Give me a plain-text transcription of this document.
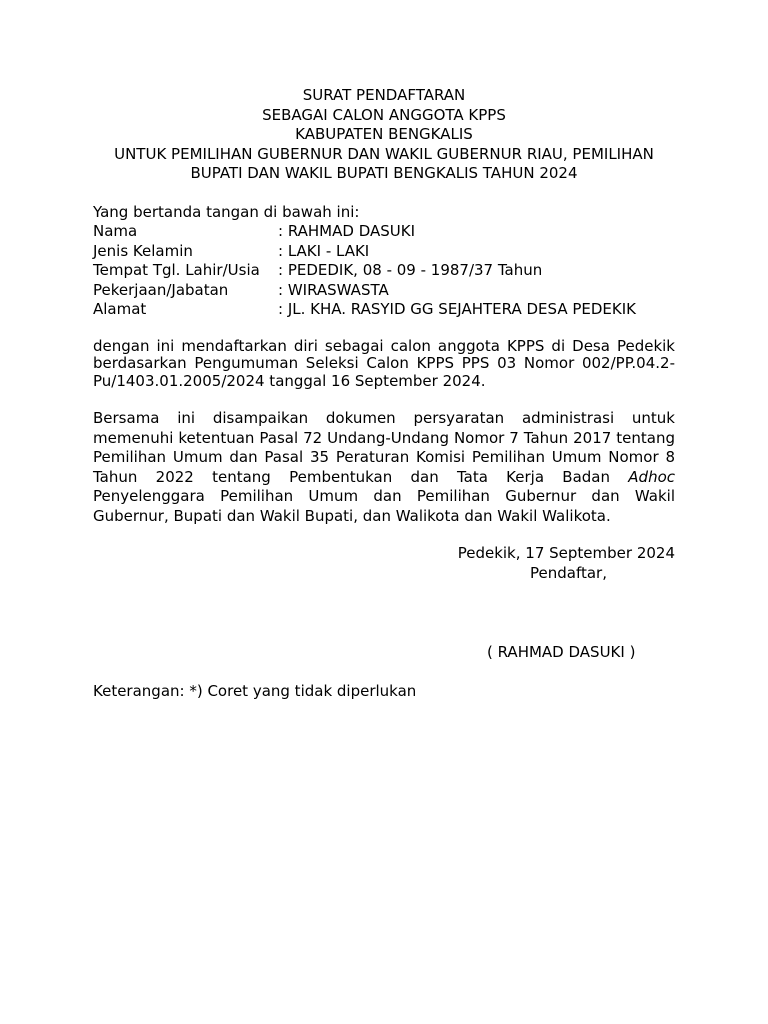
SURAT PENDAFTARAN
SEBAGAI CALON ANGGOTA KPPS
KABUPATEN BENGKALIS
UNTUK PEMILIHAN GUBERNUR DAN WAKIL GUBERNUR RIAU, PEMILIHAN
BUPATI DAN WAKIL BUPATI BENGKALIS TAHUN 2024
Yang bertanda tangan di bawah ini:
Nama	: RAHMAD DASUKI
Jenis Kelamin	: LAKI - LAKI
Tempat Tgl. Lahir/Usia	: PEDEDIK, 08 - 09 - 1987/37 Tahun
Pekerjaan/Jabatan	: WIRASWASTA
Alamat	: JL. KHA. RASYID GG SEJAHTERA DESA PEDEKIK
dengan ini mendaftarkan diri sebagai calon anggota KPPS di Desa Pedekik berdasarkan Pengumuman Seleksi Calon KPPS PPS 03 Nomor 002/PP.04.2-Pu/1403.01.2005/2024 tanggal 16 September 2024.
Bersama ini disampaikan dokumen persyaratan administrasi untuk memenuhi ketentuan Pasal 72 Undang-Undang Nomor 7 Tahun 2017 tentang Pemilihan Umum dan Pasal 35 Peraturan Komisi Pemilihan Umum Nomor 8 Tahun 2022 tentang Pembentukan dan Tata Kerja Badan Adhoc Penyelenggara Pemilihan Umum dan Pemilihan Gubernur dan Wakil Gubernur, Bupati dan Wakil Bupati, dan Walikota dan Wakil Walikota.
Pedekik, 17 September 2024
Pendaftar,
( RAHMAD DASUKI )
Keterangan: *) Coret yang tidak diperlukan
